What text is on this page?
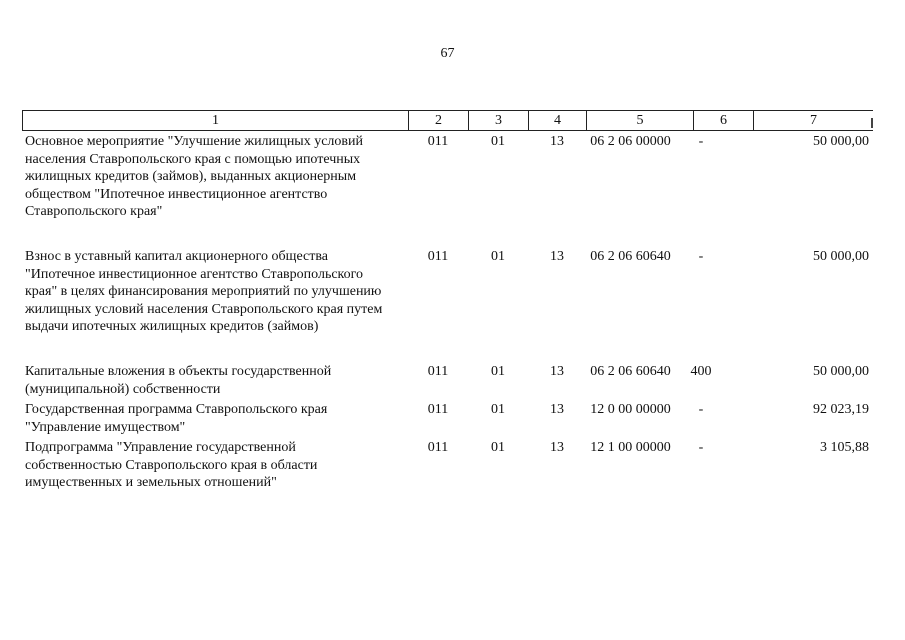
67
1	2	3	4	5	6	7
Основное мероприятие "Улучшение жилищных условий населения Ставропольского края с помощью ипотечных жилищных кредитов (займов), выданных акционерным обществом "Ипотечное инвестиционное агентство Ставропольского края"
011	01	13	06 2 06 00000	-	50 000,00
Взнос в уставный капитал акционерного общества "Ипотечное инвестиционное агентство Ставропольского края" в целях финансирования мероприятий по улучшению жилищных условий населения Ставропольского края путем выдачи ипотечных жилищных кредитов (займов)
011	01	13	06 2 06 60640	-	50 000,00
Капитальные вложения в объекты государственной (муниципальной) собственности
011	01	13	06 2 06 60640	400	50 000,00
Государственная программа Ставропольского края "Управление имуществом"
011	01	13	12 0 00 00000	-	92 023,19
Подпрограмма "Управление государственной собственностью Ставропольского края в области имущественных и земельных отношений"
011	01	13	12 1 00 00000	-	3 105,88
